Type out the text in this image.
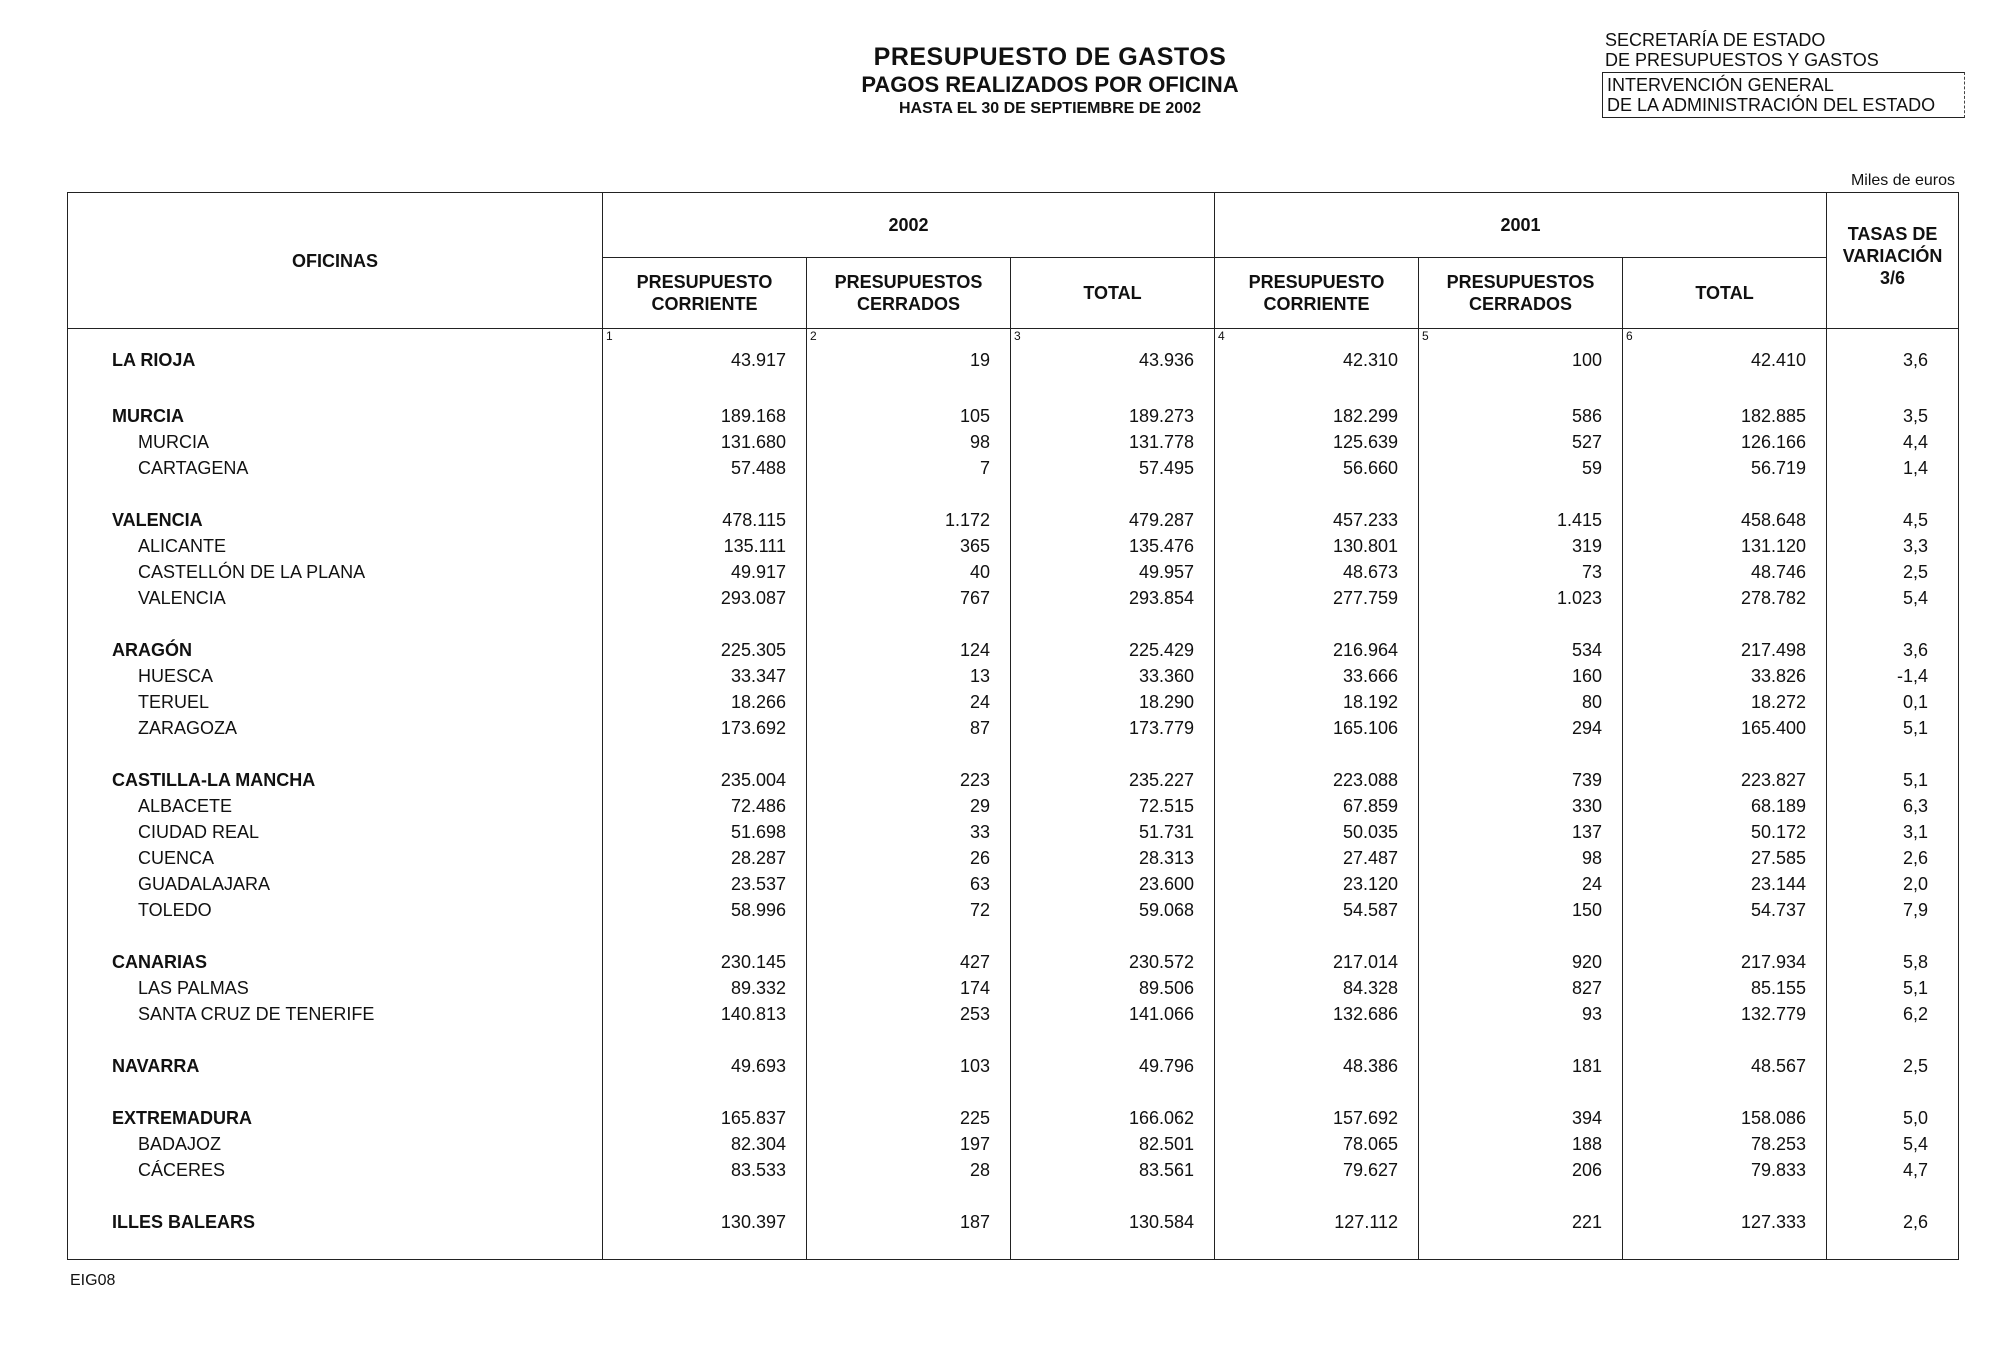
PRESUPUESTO DE GASTOS
PAGOS REALIZADOS POR OFICINA
HASTA EL 30 DE SEPTIEMBRE DE 2002
SECRETARÍA DE ESTADO
DE PRESUPUESTOS Y GASTOS
INTERVENCIÓN GENERAL
DE LA ADMINISTRACIÓN DEL ESTADO
Miles de euros
OFICINAS	2002			2001			TASAS DE VARIACIÓN 3/6
	PRESUPUESTO CORRIENTE	PRESUPUESTOS CERRADOS	TOTAL	PRESUPUESTO CORRIENTE	PRESUPUESTOS CERRADOS	TOTAL	
	1	2	3	4	5	6	
LA RIOJA	43.917	19	43.936	42.310	100	42.410	3,6

MURCIA	189.168	105	189.273	182.299	586	182.885	3,5
MURCIA	131.680	98	131.778	125.639	527	126.166	4,4
CARTAGENA	57.488	7	57.495	56.660	59	56.719	1,4

VALENCIA	478.115	1.172	479.287	457.233	1.415	458.648	4,5
ALICANTE	135.111	365	135.476	130.801	319	131.120	3,3
CASTELLÓN DE LA PLANA	49.917	40	49.957	48.673	73	48.746	2,5
VALENCIA	293.087	767	293.854	277.759	1.023	278.782	5,4

ARAGÓN	225.305	124	225.429	216.964	534	217.498	3,6
HUESCA	33.347	13	33.360	33.666	160	33.826	-1,4
TERUEL	18.266	24	18.290	18.192	80	18.272	0,1
ZARAGOZA	173.692	87	173.779	165.106	294	165.400	5,1

CASTILLA-LA MANCHA	235.004	223	235.227	223.088	739	223.827	5,1
ALBACETE	72.486	29	72.515	67.859	330	68.189	6,3
CIUDAD REAL	51.698	33	51.731	50.035	137	50.172	3,1
CUENCA	28.287	26	28.313	27.487	98	27.585	2,6
GUADALAJARA	23.537	63	23.600	23.120	24	23.144	2,0
TOLEDO	58.996	72	59.068	54.587	150	54.737	7,9

CANARIAS	230.145	427	230.572	217.014	920	217.934	5,8
LAS PALMAS	89.332	174	89.506	84.328	827	85.155	5,1
SANTA CRUZ DE TENERIFE	140.813	253	141.066	132.686	93	132.779	6,2

NAVARRA	49.693	103	49.796	48.386	181	48.567	2,5

EXTREMADURA	165.837	225	166.062	157.692	394	158.086	5,0
BADAJOZ	82.304	197	82.501	78.065	188	78.253	5,4
CÁCERES	83.533	28	83.561	79.627	206	79.833	4,7

ILLES BALEARS	130.397	187	130.584	127.112	221	127.333	2,6
EIG08
